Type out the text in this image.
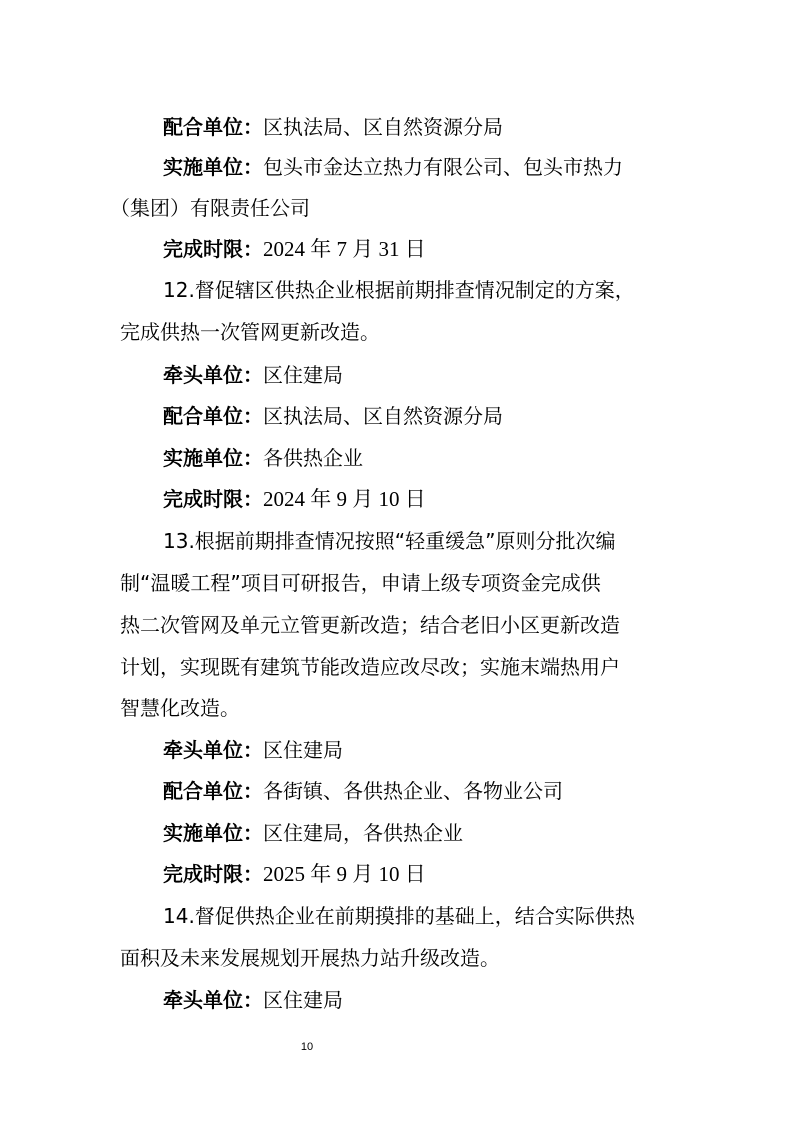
配合单位：区执法局、区自然资源分局
实施单位：包头市金达立热力有限公司、包头市热力
（集团）有限责任公司
完成时限：2024 年 7 月 31 日
12.督促辖区供热企业根据前期排查情况制定的方案，
完成供热一次管网更新改造。
牵头单位：区住建局
配合单位：区执法局、区自然资源分局
实施单位：各供热企业
完成时限：2024 年 9 月 10 日
13.根据前期排查情况按照“轻重缓急”原则分批次编
制“温暖工程”项目可研报告，申请上级专项资金完成供
热二次管网及单元立管更新改造；结合老旧小区更新改造
计划，实现既有建筑节能改造应改尽改；实施末端热用户
智慧化改造。
牵头单位：区住建局
配合单位：各街镇、各供热企业、各物业公司
实施单位：区住建局，各供热企业
完成时限：2025 年 9 月 10 日
14.督促供热企业在前期摸排的基础上，结合实际供热
面积及未来发展规划开展热力站升级改造。
牵头单位：区住建局
10
